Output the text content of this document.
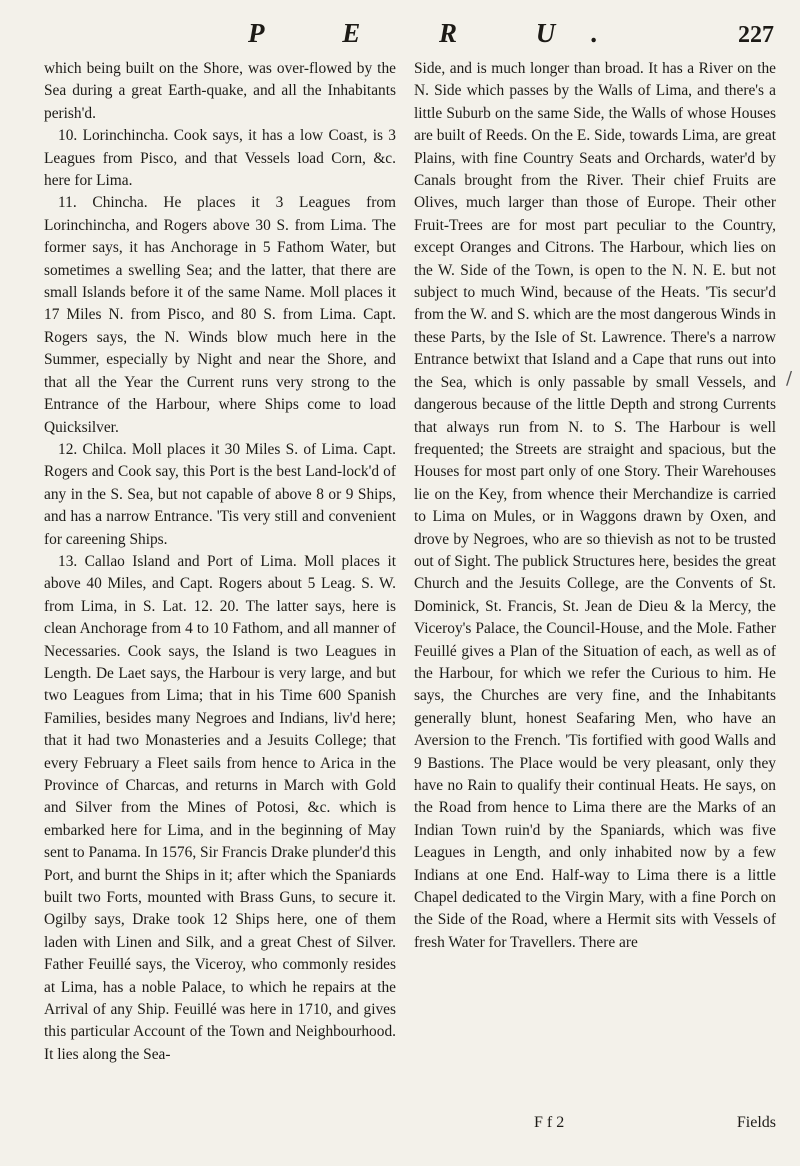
P E R U.	227

which being built on the Shore, was over-flowed by the Sea during a great Earth-quake, and all the Inhabitants perish'd.

10. Lorinchincha. Cook says, it has a low Coast, is 3 Leagues from Pisco, and that Vessels load Corn, &c. here for Lima.

11. Chincha. He places it 3 Leagues from Lorinchincha, and Rogers above 30 S. from Lima. The former says, it has Anchorage in 5 Fathom Water, but sometimes a swelling Sea; and the latter, that there are small Islands before it of the same Name. Moll places it 17 Miles N. from Pisco, and 80 S. from Lima. Capt. Rogers says, the N. Winds blow much here in the Summer, especially by Night and near the Shore, and that all the Year the Current runs very strong to the Entrance of the Harbour, where Ships come to load Quicksilver.

12. Chilca. Moll places it 30 Miles S. of Lima. Capt. Rogers and Cook say, this Port is the best Land-lock'd of any in the S. Sea, but not capable of above 8 or 9 Ships, and has a narrow Entrance. 'Tis very still and convenient for careening Ships.

13. Callao Island and Port of Lima. Moll places it above 40 Miles, and Capt. Rogers about 5 Leag. S. W. from Lima, in S. Lat. 12. 20. The latter says, here is clean Anchorage from 4 to 10 Fathom, and all manner of Necessaries. Cook says, the Island is two Leagues in Length. De Laet says, the Harbour is very large, and but two Leagues from Lima; that in his Time 600 Spanish Families, besides many Negroes and Indians, liv'd here; that it had two Monasteries and a Jesuits College; that every February a Fleet sails from hence to Arica in the Province of Charcas, and returns in March with Gold and Silver from the Mines of Potosi, &c. which is embarked here for Lima, and in the beginning of May sent to Panama. In 1576, Sir Francis Drake plunder'd this Port, and burnt the Ships in it; after which the Spaniards built two Forts, mounted with Brass Guns, to secure it. Ogilby says, Drake took 12 Ships here, one of them laden with Linen and Silk, and a great Chest of Silver. Father Feuillé says, the Viceroy, who commonly resides at Lima, has a noble Palace, to which he repairs at the Arrival of any Ship. Feuillé was here in 1710, and gives this particular Account of the Town and Neighbourhood. It lies along the Sea-

Side, and is much longer than broad. It has a River on the N. Side which passes by the Walls of Lima, and there's a little Suburb on the same Side, the Walls of whose Houses are built of Reeds. On the E. Side, towards Lima, are great Plains, with fine Country Seats and Orchards, water'd by Canals brought from the River. Their chief Fruits are Olives, much larger than those of Europe. Their other Fruit-Trees are for most part peculiar to the Country, except Oranges and Citrons. The Harbour, which lies on the W. Side of the Town, is open to the N. N. E. but not subject to much Wind, because of the Heats. 'Tis secur'd from the W. and S. which are the most dangerous Winds in these Parts, by the Isle of St. Lawrence. There's a narrow Entrance betwixt that Island and a Cape that runs out into the Sea, which is only passable by small Vessels, and dangerous because of the little Depth and strong Currents that always run from N. to S. The Harbour is well frequented; the Streets are straight and spacious, but the Houses for most part only of one Story. Their Warehouses lie on the Key, from whence their Merchandize is carried to Lima on Mules, or in Waggons drawn by Oxen, and drove by Negroes, who are so thievish as not to be trusted out of Sight. The publick Structures here, besides the great Church and the Jesuits College, are the Convents of St. Dominick, St. Francis, St. Jean de Dieu & la Mercy, the Viceroy's Palace, the Council-House, and the Mole. Father Feuillé gives a Plan of the Situation of each, as well as of the Harbour, for which we refer the Curious to him. He says, the Churches are very fine, and the Inhabitants generally blunt, honest Seafaring Men, who have an Aversion to the French. 'Tis fortified with good Walls and 9 Bastions. The Place would be very pleasant, only they have no Rain to qualify their continual Heats. He says, on the Road from hence to Lima there are the Marks of an Indian Town ruin'd by the Spaniards, which was five Leagues in Length, and only inhabited now by a few Indians at one End. Half-way to Lima there is a little Chapel dedicated to the Virgin Mary, with a fine Porch on the Side of the Road, where a Hermit sits with Vessels of fresh Water for Travellers. There are

/
F f 2	Fields
